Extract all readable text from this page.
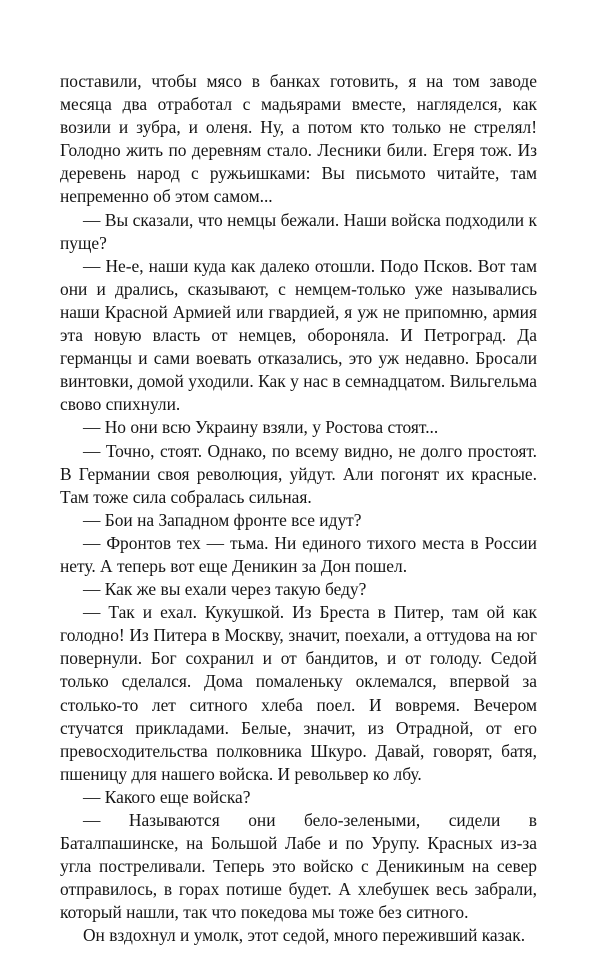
поставили, чтобы мясо в банках готовить, я на том заводе месяца два отработал с мадьярами вместе, нагляделся, как возили и зубра, и оленя. Ну, а потом кто только не стрелял! Голодно жить по деревням стало. Лесники били. Егеря тож. Из деревень народ с ружьишками: Вы письмото читайте, там непременно об этом самом...

— Вы сказали, что немцы бежали. Наши войска подходили к пуще?

— Не-е, наши куда как далеко отошли. Подо Псков. Вот там они и дрались, сказывают, с немцем-только уже назывались наши Красной Армией или гвардией, я уж не припомню, армия эта новую власть от немцев, обороняла. И Петроград. Да германцы и сами воевать отказались, это уж недавно. Бросали винтовки, домой уходили. Как у нас в семнадцатом. Вильгельма свово спихнули.

— Но они всю Украину взяли, у Ростова стоят...

— Точно, стоят. Однако, по всему видно, не долго простоят. В Германии своя революция, уйдут. Али погонят их красные. Там тоже сила собралась сильная.

— Бои на Западном фронте все идут?

— Фронтов тех — тьма. Ни единого тихого места в России нету. А теперь вот еще Деникин за Дон пошел.

— Как же вы ехали через такую беду?

— Так и ехал. Кукушкой. Из Бреста в Питер, там ой как голодно! Из Питера в Москву, значит, поехали, а оттудова на юг повернули. Бог сохранил и от бандитов, и от голоду. Седой только сделался. Дома помаленьку оклемался, впервой за столько-то лет ситного хлеба поел. И вовремя. Вечером стучатся прикладами. Белые, значит, из Отрадной, от его превосходительства полковника Шкуро. Давай, говорят, батя, пшеницу для нашего войска. И револьвер ко лбу.

— Какого еще войска?

— Называются они бело-зелеными, сидели в Баталпашинске, на Большой Лабе и по Урупу. Красных из-за угла постреливали. Теперь это войско с Деникиным на север отправилось, в горах потише будет. А хлебушек весь забрали, который нашли, так что покедова мы тоже без ситного.

Он вздохнул и умолк, этот седой, много переживший казак.
